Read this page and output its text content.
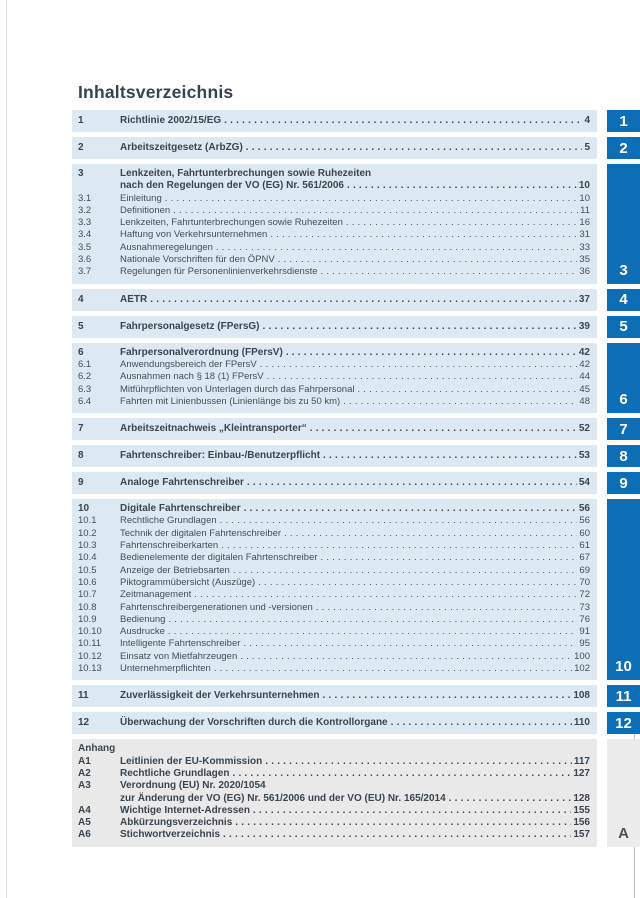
Inhaltsverzeichnis
1	Richtlinie 2002/15/EG .....	4	1
2	Arbeitszeitgesetz (ArbZG) .....	5	2
3	Lenkzeiten, Fahrtunterbrechungen sowie Ruhezeiten
nach den Regelungen der VO (EG) Nr. 561/2006 .....	10
3.1	Einleitung .....	10
3.2	Definitionen .....	11
3.3	Lenkzeiten, Fahrtunterbrechungen sowie Ruhezeiten .....	16
3.4	Haftung von Verkehrsunternehmen .....	31
3.5	Ausnahmeregelungen .....	33
3.6	Nationale Vorschriften für den ÖPNV .....	35
3.7	Regelungen für Personenlinienverkehrsdienste .....	36	3
4	AETR .....	37	4
5	Fahrpersonalgesetz (FPersG) .....	39	5
6	Fahrpersonalverordnung (FPersV) .....	42
6.1	Anwendungsbereich der FPersV .....	42
6.2	Ausnahmen nach § 18 (1) FPersV .....	44
6.3	Mitführpflichten von Unterlagen durch das Fahrpersonal .....	45
6.4	Fahrten mit Linienbussen (Linienlänge bis zu 50 km) .....	48	6
7	Arbeitszeitnachweis „Kleintransporter“ .....	52	7
8	Fahrtenschreiber: Einbau-/Benutzerpflicht .....	53	8
9	Analoge Fahrtenschreiber .....	54	9
10	Digitale Fahrtenschreiber .....	56
10.1	Rechtliche Grundlagen .....	56
10.2	Technik der digitalen Fahrtenschreiber .....	60
10.3	Fahrtenschreiberkarten .....	61
10.4	Bedienelemente der digitalen Fahrtenschreiber .....	67
10.5	Anzeige der Betriebsarten .....	69
10.6	Piktogrammübersicht (Auszüge) .....	70
10.7	Zeitmanagement .....	72
10.8	Fahrtenschreibergenerationen und -versionen .....	73
10.9	Bedienung .....	76
10.10	Ausdrucke .....	91
10.11	Intelligente Fahrtenschreiber .....	95
10.12	Einsatz von Mietfahrzeugen .....	100
10.13	Unternehmerpflichten .....	102	10
11	Zuverlässigkeit der Verkehrsunternehmen .....	108	11
12	Überwachung der Vorschriften durch die Kontrollorgane .....	110	12
Anhang
A1	Leitlinien der EU-Kommission .....	117
A2	Rechtliche Grundlagen .....	127
A3	Verordnung (EU) Nr. 2020/1054
zur Änderung der VO (EG) Nr. 561/2006 und der VO (EU) Nr. 165/2014 .....	128
A4	Wichtige Internet-Adressen .....	155
A5	Abkürzungsverzeichnis .....	156
A6	Stichwortverzeichnis .....	157	A
